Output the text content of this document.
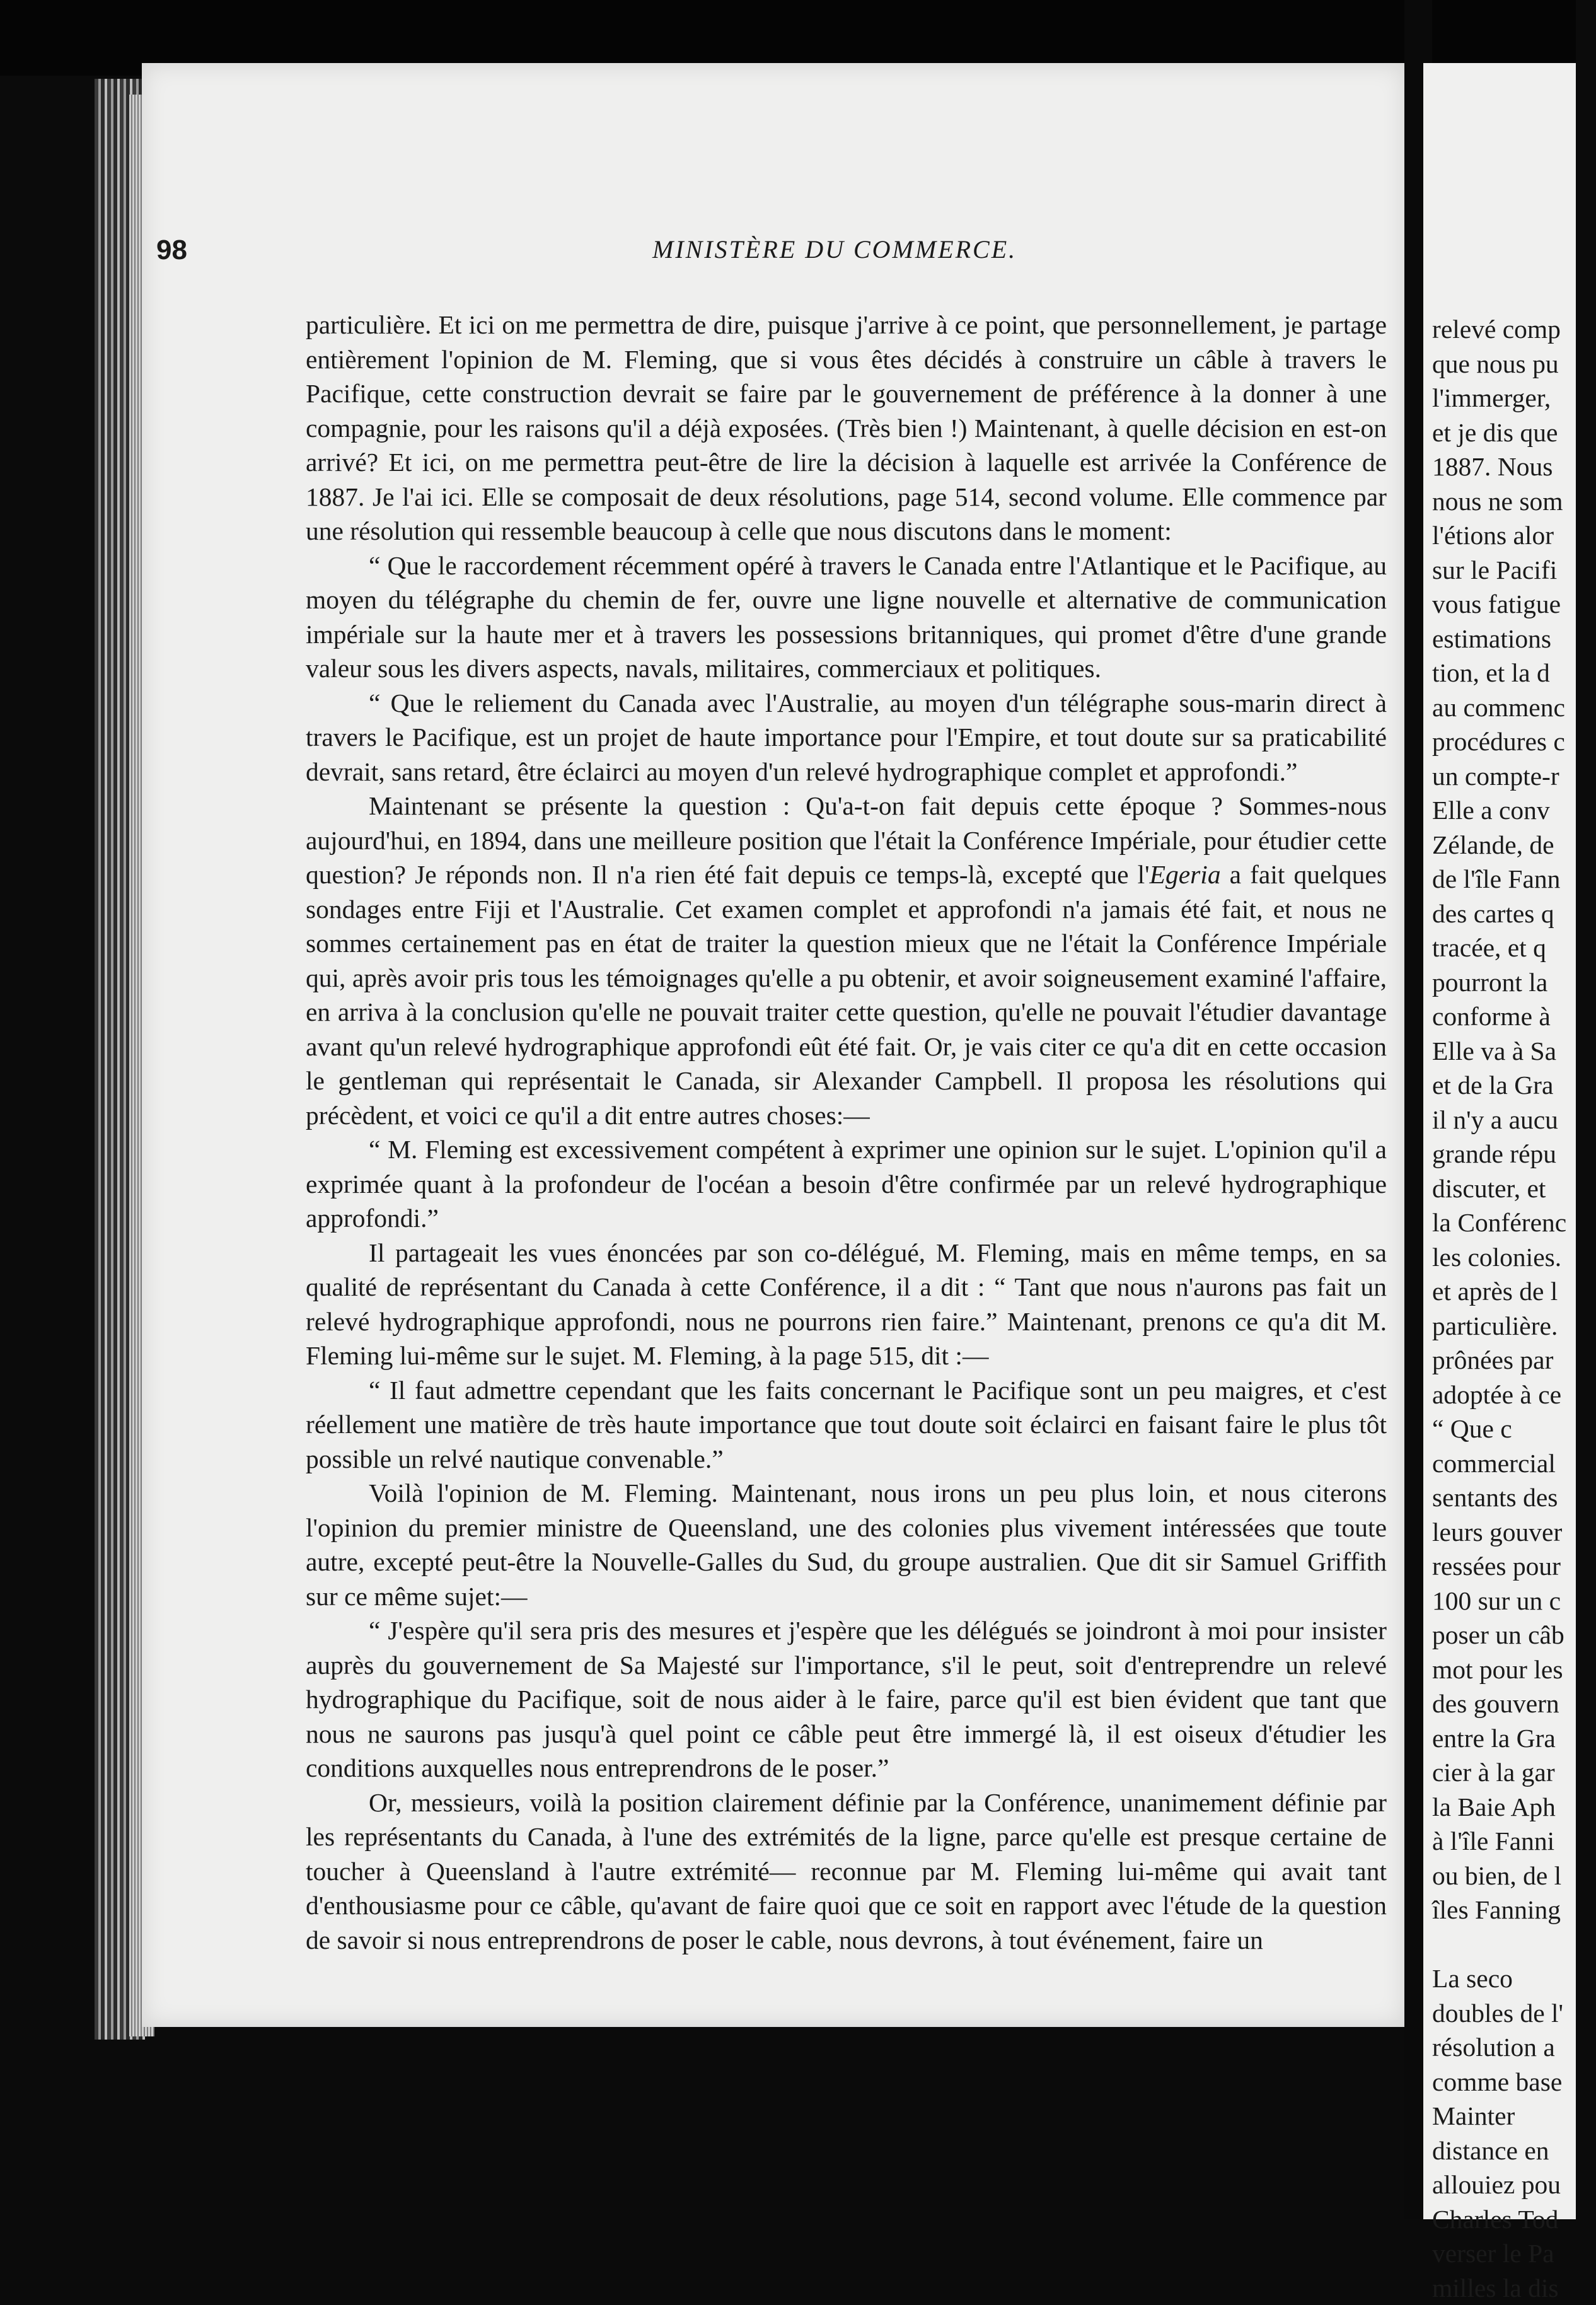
98	MINISTÈRE DU COMMERCE.

particulière. Et ici on me permettra de dire, puisque j'arrive à ce point, que personnellement, je partage entièrement l'opinion de M. Fleming, que si vous êtes décidés à construire un câble à travers le Pacifique, cette construction devrait se faire par le gouvernement de préférence à la donner à une compagnie, pour les raisons qu'il a déjà exposées. (Très bien !) Maintenant, à quelle décision en est-on arrivé? Et ici, on me permettra peut-être de lire la décision à laquelle est arrivée la Conférence de 1887. Je l'ai ici. Elle se composait de deux résolutions, page 514, second volume. Elle commence par une résolution qui ressemble beaucoup à celle que nous discutons dans le moment:

“ Que le raccordement récemment opéré à travers le Canada entre l'Atlantique et le Pacifique, au moyen du télégraphe du chemin de fer, ouvre une ligne nouvelle et alternative de communication impériale sur la haute mer et à travers les possessions britanniques, qui promet d'être d'une grande valeur sous les divers aspects, navals, militaires, commerciaux et politiques.

“ Que le reliement du Canada avec l'Australie, au moyen d'un télégraphe sous-marin direct à travers le Pacifique, est un projet de haute importance pour l'Empire, et tout doute sur sa praticabilité devrait, sans retard, être éclairci au moyen d'un relevé hydrographique complet et approfondi.”

Maintenant se présente la question : Qu'a-t-on fait depuis cette époque ? Sommes-nous aujourd'hui, en 1894, dans une meilleure position que l'était la Conférence Impériale, pour étudier cette question? Je réponds non. Il n'a rien été fait depuis ce temps-là, excepté que l'Egeria a fait quelques sondages entre Fiji et l'Australie. Cet examen complet et approfondi n'a jamais été fait, et nous ne sommes certainement pas en état de traiter la question mieux que ne l'était la Conférence Impériale qui, après avoir pris tous les témoignages qu'elle a pu obtenir, et avoir soigneusement examiné l'affaire, en arriva à la conclusion qu'elle ne pouvait traiter cette question, qu'elle ne pouvait l'étudier davantage avant qu'un relevé hydrographique approfondi eût été fait. Or, je vais citer ce qu'a dit en cette occasion le gentleman qui représentait le Canada, sir Alexander Campbell. Il proposa les résolutions qui précèdent, et voici ce qu'il a dit entre autres choses:—

“ M. Fleming est excessivement compétent à exprimer une opinion sur le sujet. L'opinion qu'il a exprimée quant à la profondeur de l'océan a besoin d'être confirmée par un relevé hydrographique approfondi.”

Il partageait les vues énoncées par son co-délégué, M. Fleming, mais en même temps, en sa qualité de représentant du Canada à cette Conférence, il a dit : “ Tant que nous n'aurons pas fait un relevé hydrographique approfondi, nous ne pourrons rien faire.” Maintenant, prenons ce qu'a dit M. Fleming lui-même sur le sujet. M. Fleming, à la page 515, dit :—

“ Il faut admettre cependant que les faits concernant le Pacifique sont un peu maigres, et c'est réellement une matière de très haute importance que tout doute soit éclairci en faisant faire le plus tôt possible un relvé nautique convenable.”

Voilà l'opinion de M. Fleming. Maintenant, nous irons un peu plus loin, et nous citerons l'opinion du premier ministre de Queensland, une des colonies plus vivement intéressées que toute autre, excepté peut-être la Nouvelle-Galles du Sud, du groupe australien. Que dit sir Samuel Griffith sur ce même sujet:—

“ J'espère qu'il sera pris des mesures et j'espère que les délégués se joindront à moi pour insister auprès du gouvernement de Sa Majesté sur l'importance, s'il le peut, soit d'entreprendre un relevé hydrographique du Pacifique, soit de nous aider à le faire, parce qu'il est bien évident que tant que nous ne saurons pas jusqu'à quel point ce câble peut être immergé là, il est oiseux d'étudier les conditions auxquelles nous entreprendrons de le poser.”

Or, messieurs, voilà la position clairement définie par la Conférence, unanimement définie par les représentants du Canada, à l'une des extrémités de la ligne, parce qu'elle est presque certaine de toucher à Queensland à l'autre extrémité— reconnue par M. Fleming lui-même qui avait tant d'enthousiasme pour ce câble, qu'avant de faire quoi que ce soit en rapport avec l'étude de la question de savoir si nous entreprendrons de poser le cable, nous devrons, à tout événement, faire un

relevé comp
que nous pu
l'immerger,
et je dis que
1887. Nous
nous ne som
l'étions alor
sur le Pacifi
vous fatigue
estimations
tion, et la d
au commenc
procédures c
un compte-r
Elle a conv
Zélande, de
de l'île Fann
des cartes q
tracée, et q
pourront la
conforme à
Elle va à Sa
et de la Gra
il n'y a aucu
grande répu
discuter, et
la Conférenc
les colonies.
et après de l
particulière.
prônées par
adoptée à ce
“ Que c
commercial
sentants des
leurs gouver
ressées pour
100 sur un c
poser un câb
mot pour les
des gouvern
entre la Gra
cier à la gar
la Baie Aph
à l'île Fanni
ou bien, de l
îles Fanning
La seco
doubles de l'
résolution a
comme base
Mainter
distance en
allouiez pou
Charles Tod
verser le Pa
milles la dis
